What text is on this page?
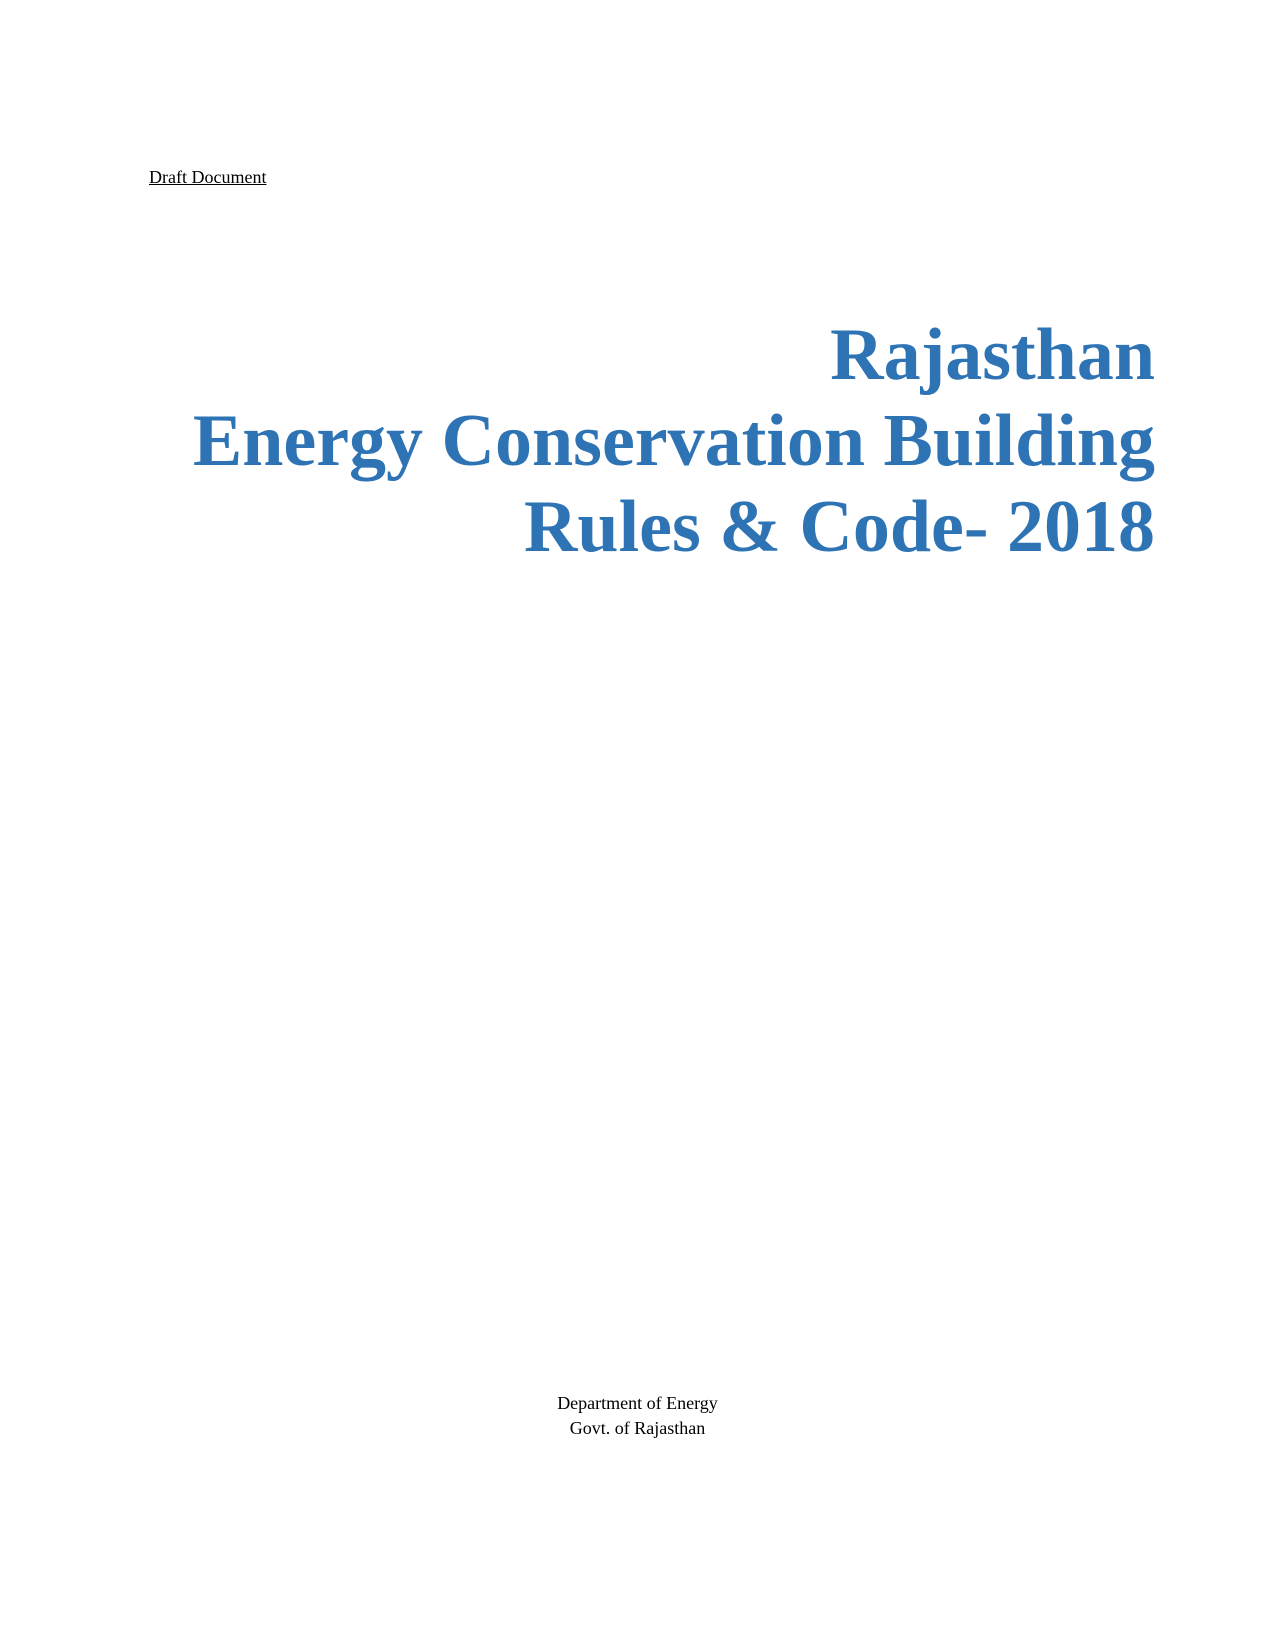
Draft Document
Rajasthan
Energy Conservation Building
Rules & Code- 2018
Department of Energy
Govt. of Rajasthan
